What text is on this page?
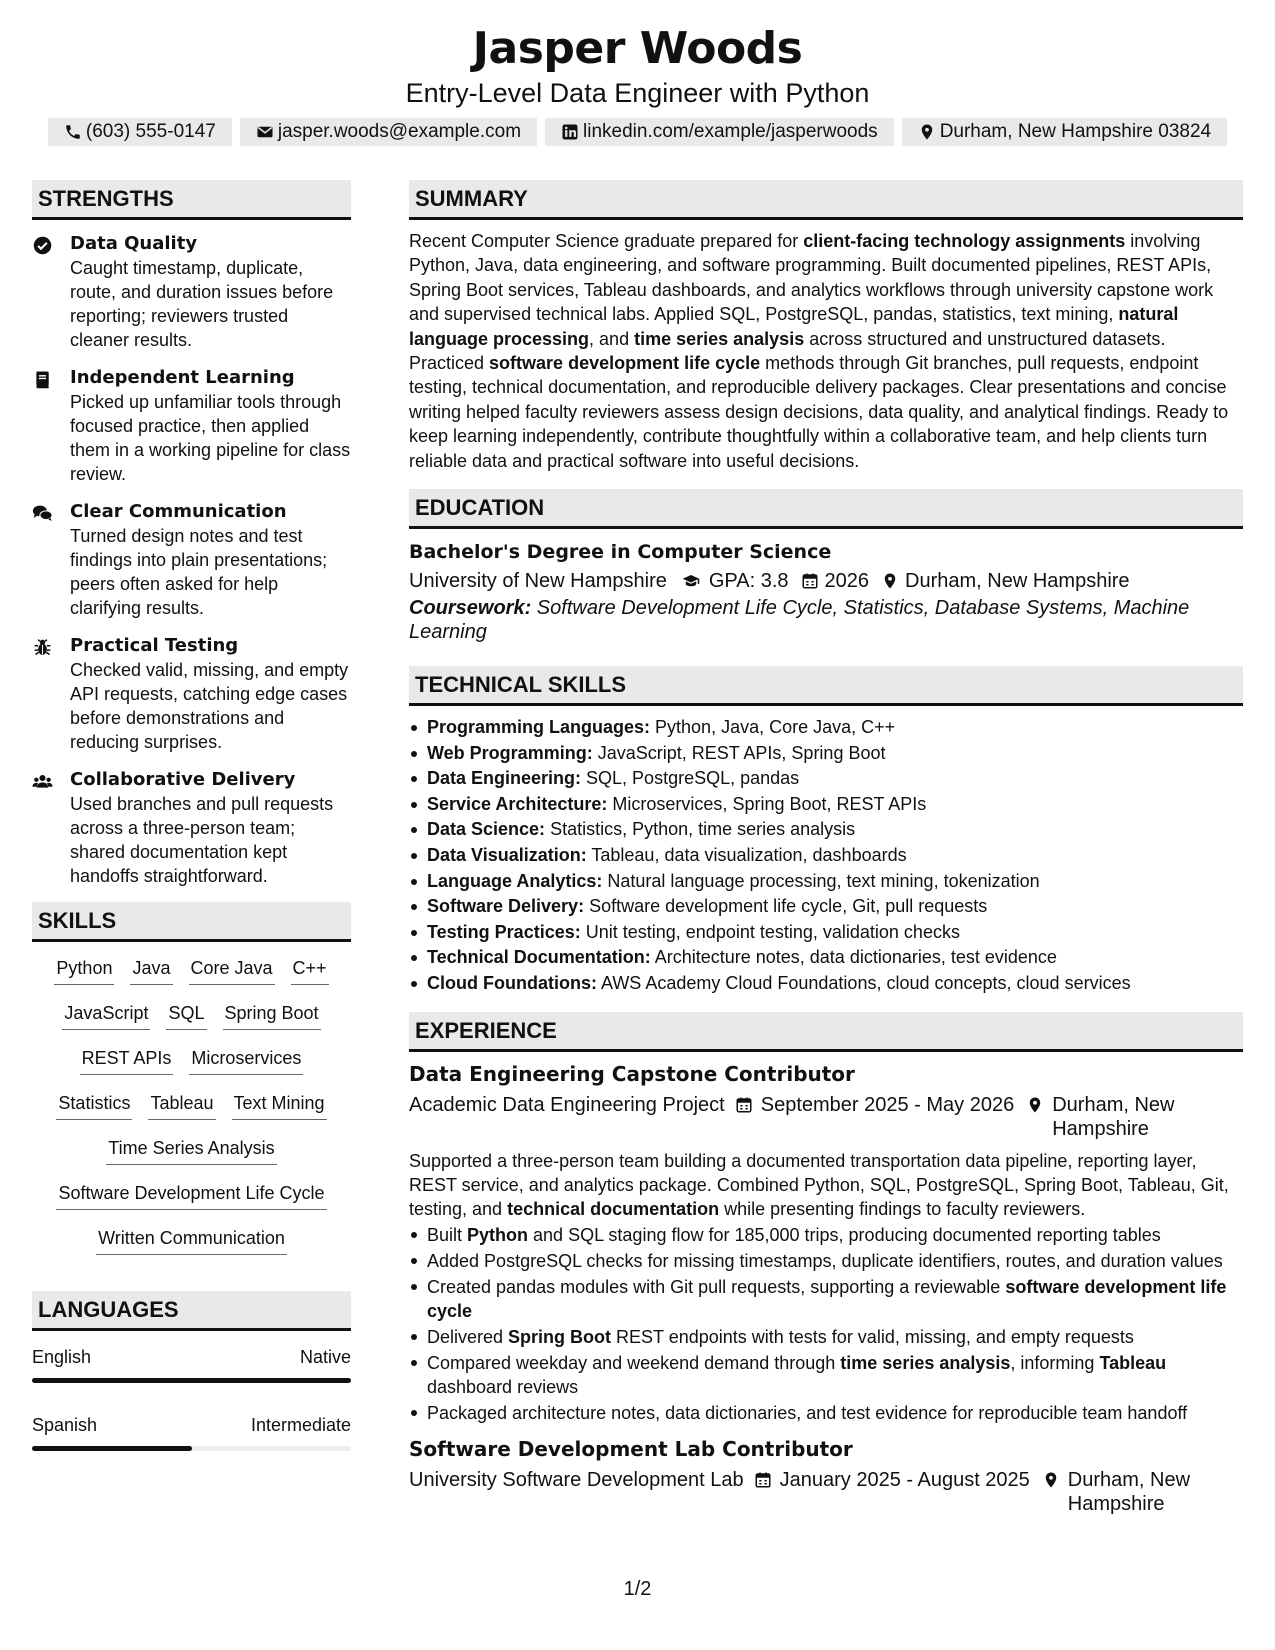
Jasper Woods
Entry-Level Data Engineer with Python
(603) 555-0147	jasper.woods@example.com	linkedin.com/example/jasperwoods	Durham, New Hampshire 03824
STRENGTHS
Data Quality
Caught timestamp, duplicate, route, and duration issues before reporting; reviewers trusted cleaner results.
Independent Learning
Picked up unfamiliar tools through focused practice, then applied them in a working pipeline for class review.
Clear Communication
Turned design notes and test findings into plain presentations; peers often asked for help clarifying results.
Practical Testing
Checked valid, missing, and empty API requests, catching edge cases before demonstrations and reducing surprises.
Collaborative Delivery
Used branches and pull requests across a three-person team; shared documentation kept handoffs straightforward.
SKILLS
Python Java Core Java C++
JavaScript SQL Spring Boot
REST APIs Microservices
Statistics Tableau Text Mining
Time Series Analysis
Software Development Life Cycle
Written Communication
LANGUAGES
English	Native
Spanish	Intermediate
SUMMARY
Recent Computer Science graduate prepared for client-facing technology assignments involving Python, Java, data engineering, and software programming. Built documented pipelines, REST APIs, Spring Boot services, Tableau dashboards, and analytics workflows through university capstone work and supervised technical labs. Applied SQL, PostgreSQL, pandas, statistics, text mining, natural language processing, and time series analysis across structured and unstructured datasets. Practiced software development life cycle methods through Git branches, pull requests, endpoint testing, technical documentation, and reproducible delivery packages. Clear presentations and concise writing helped faculty reviewers assess design decisions, data quality, and analytical findings. Ready to keep learning independently, contribute thoughtfully within a collaborative team, and help clients turn reliable data and practical software into useful decisions.
EDUCATION
Bachelor's Degree in Computer Science
University of New Hampshire GPA: 3.8 2026 Durham, New Hampshire
Coursework: Software Development Life Cycle, Statistics, Database Systems, Machine Learning
TECHNICAL SKILLS
Programming Languages: Python, Java, Core Java, C++
Web Programming: JavaScript, REST APIs, Spring Boot
Data Engineering: SQL, PostgreSQL, pandas
Service Architecture: Microservices, Spring Boot, REST APIs
Data Science: Statistics, Python, time series analysis
Data Visualization: Tableau, data visualization, dashboards
Language Analytics: Natural language processing, text mining, tokenization
Software Delivery: Software development life cycle, Git, pull requests
Testing Practices: Unit testing, endpoint testing, validation checks
Technical Documentation: Architecture notes, data dictionaries, test evidence
Cloud Foundations: AWS Academy Cloud Foundations, cloud concepts, cloud services
EXPERIENCE
Data Engineering Capstone Contributor
Academic Data Engineering Project September 2025 - May 2026 Durham, New Hampshire
Supported a three-person team building a documented transportation data pipeline, reporting layer, REST service, and analytics package. Combined Python, SQL, PostgreSQL, Spring Boot, Tableau, Git, testing, and technical documentation while presenting findings to faculty reviewers.
Built Python and SQL staging flow for 185,000 trips, producing documented reporting tables
Added PostgreSQL checks for missing timestamps, duplicate identifiers, routes, and duration values
Created pandas modules with Git pull requests, supporting a reviewable software development life cycle
Delivered Spring Boot REST endpoints with tests for valid, missing, and empty requests
Compared weekday and weekend demand through time series analysis, informing Tableau dashboard reviews
Packaged architecture notes, data dictionaries, and test evidence for reproducible team handoff
Software Development Lab Contributor
University Software Development Lab January 2025 - August 2025 Durham, New Hampshire
1/2
